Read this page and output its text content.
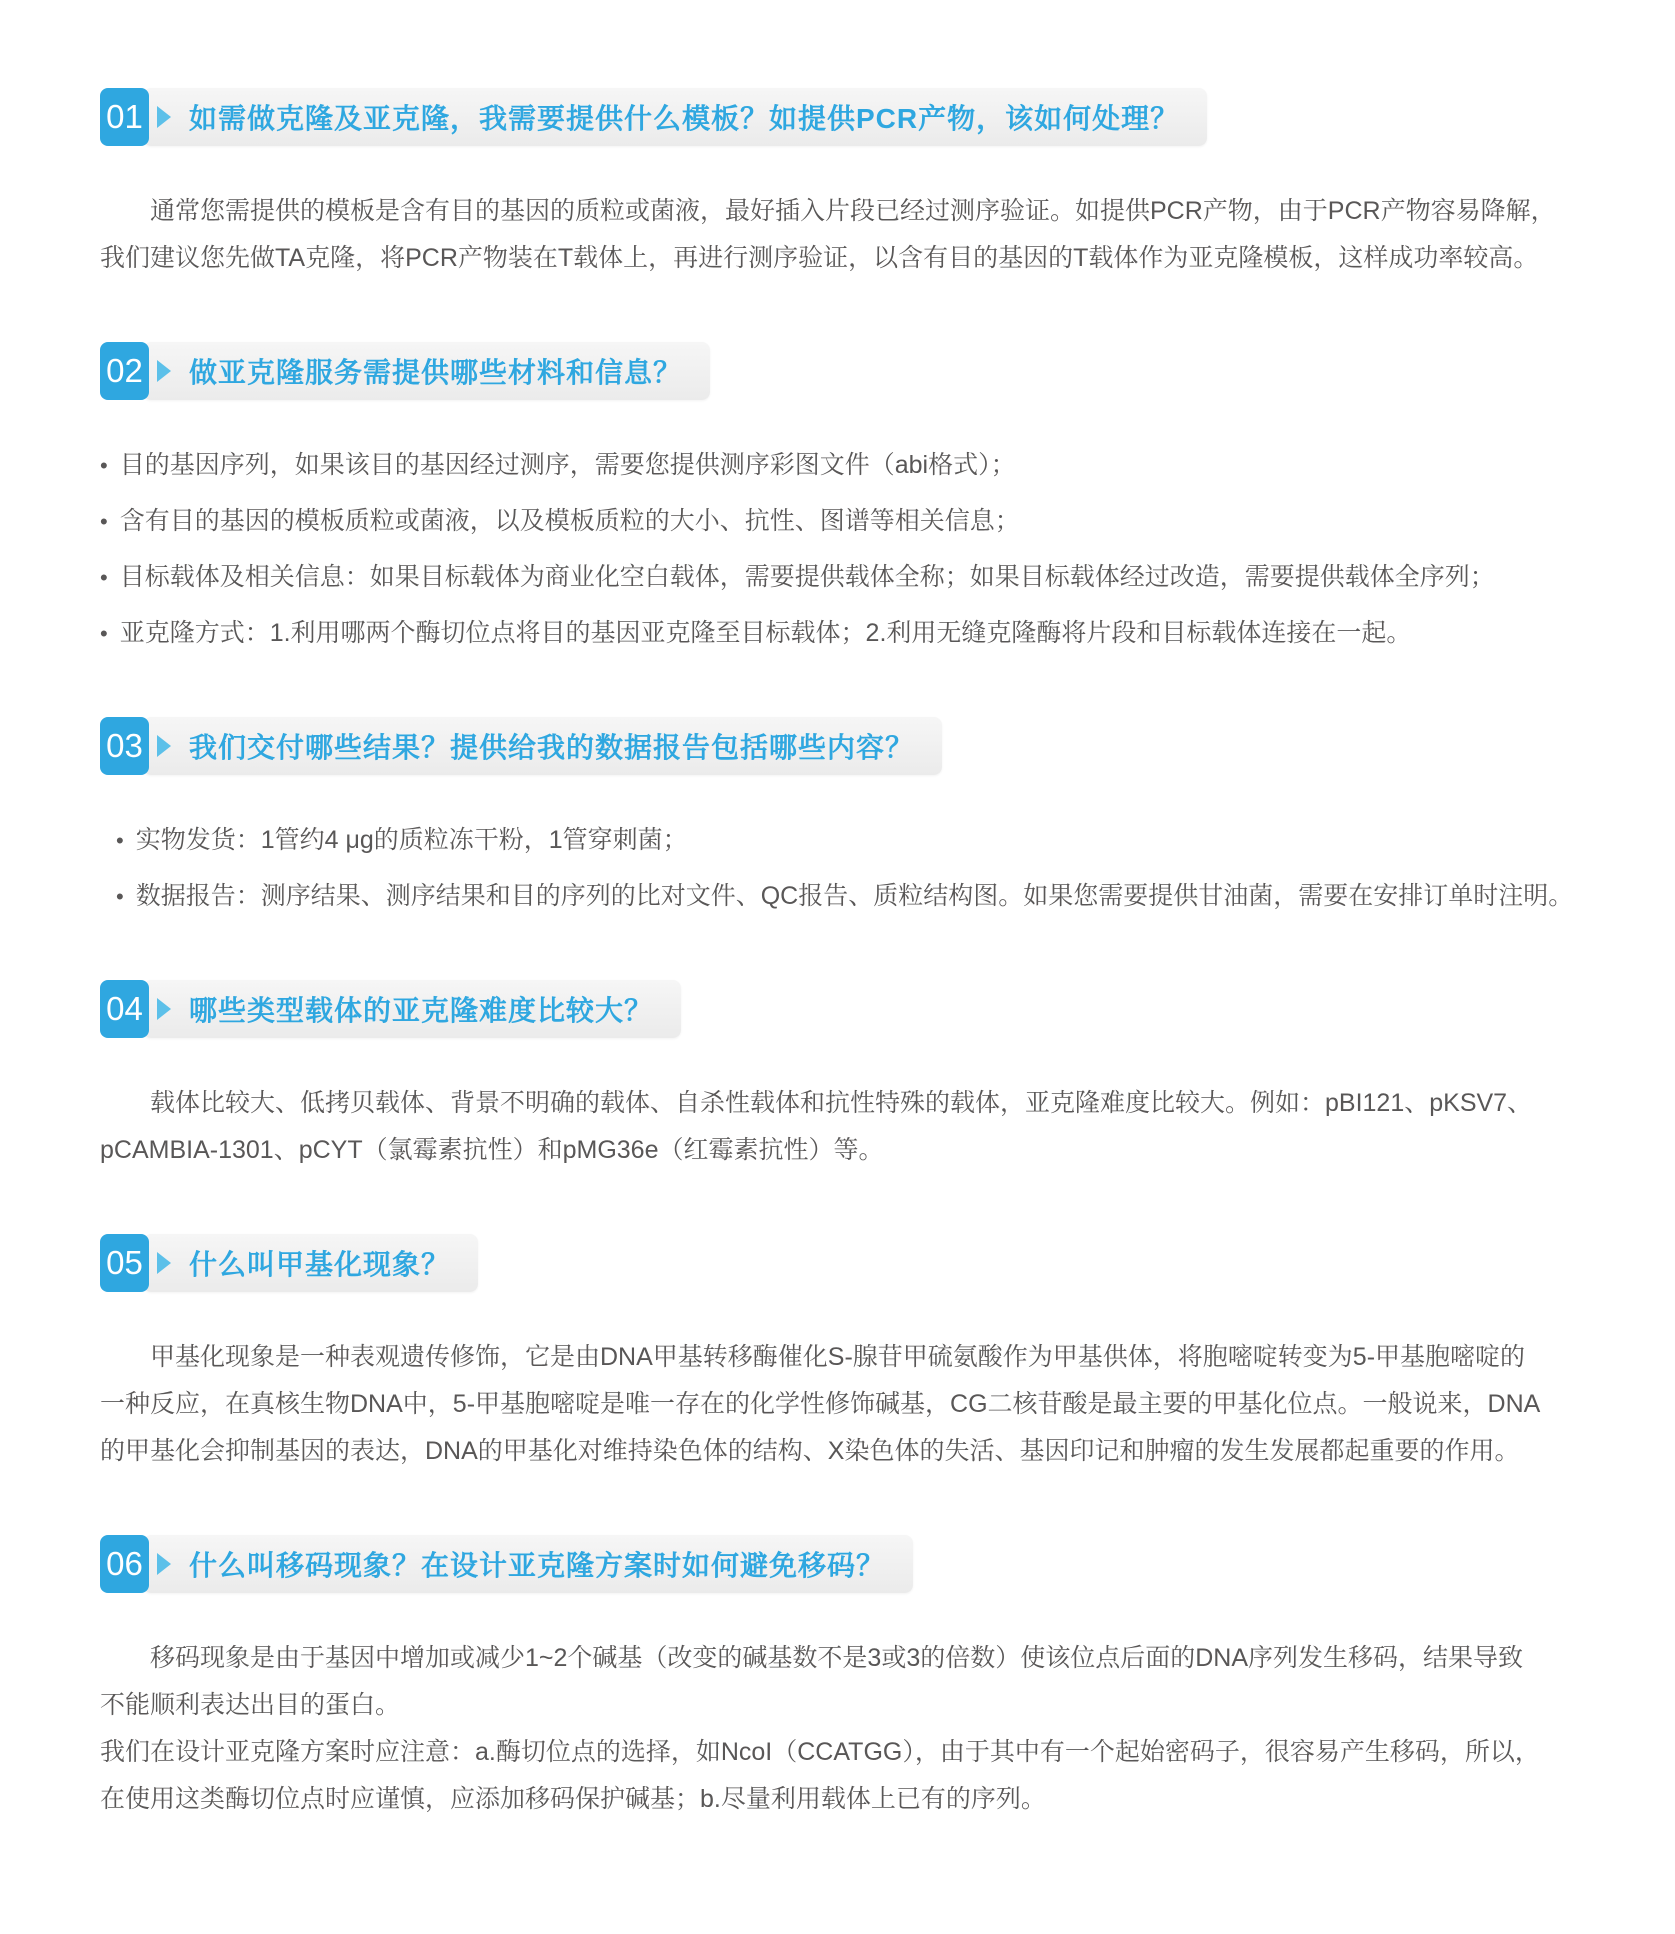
01 如需做克隆及亚克隆，我需要提供什么模板？如提供PCR产物，该如何处理？
通常您需提供的模板是含有目的基因的质粒或菌液，最好插入片段已经过测序验证。如提供PCR产物，由于PCR产物容易降解，
我们建议您先做TA克隆，将PCR产物装在T载体上，再进行测序验证，以含有目的基因的T载体作为亚克隆模板，这样成功率较高。
02 做亚克隆服务需提供哪些材料和信息？
• 目的基因序列，如果该目的基因经过测序，需要您提供测序彩图文件（abi格式）；
• 含有目的基因的模板质粒或菌液，以及模板质粒的大小、抗性、图谱等相关信息；
• 目标载体及相关信息：如果目标载体为商业化空白载体，需要提供载体全称；如果目标载体经过改造，需要提供载体全序列；
• 亚克隆方式：1.利用哪两个酶切位点将目的基因亚克隆至目标载体；2.利用无缝克隆酶将片段和目标载体连接在一起。
03 我们交付哪些结果？提供给我的数据报告包括哪些内容？
• 实物发货：1管约4 μg的质粒冻干粉，1管穿刺菌；
• 数据报告：测序结果、测序结果和目的序列的比对文件、QC报告、质粒结构图。如果您需要提供甘油菌，需要在安排订单时注明。
04 哪些类型载体的亚克隆难度比较大？
载体比较大、低拷贝载体、背景不明确的载体、自杀性载体和抗性特殊的载体，亚克隆难度比较大。例如：pBI121、pKSV7、
pCAMBIA-1301、pCYT（氯霉素抗性）和pMG36e（红霉素抗性）等。
05 什么叫甲基化现象？
甲基化现象是一种表观遗传修饰，它是由DNA甲基转移酶催化S-腺苷甲硫氨酸作为甲基供体，将胞嘧啶转变为5-甲基胞嘧啶的
一种反应，在真核生物DNA中，5-甲基胞嘧啶是唯一存在的化学性修饰碱基，CG二核苷酸是最主要的甲基化位点。一般说来，DNA
的甲基化会抑制基因的表达，DNA的甲基化对维持染色体的结构、X染色体的失活、基因印记和肿瘤的发生发展都起重要的作用。
06 什么叫移码现象？在设计亚克隆方案时如何避免移码？
移码现象是由于基因中增加或减少1~2个碱基（改变的碱基数不是3或3的倍数）使该位点后面的DNA序列发生移码，结果导致
不能顺利表达出目的蛋白。
我们在设计亚克隆方案时应注意：a.酶切位点的选择，如NcoI（CCATGG），由于其中有一个起始密码子，很容易产生移码，所以，
在使用这类酶切位点时应谨慎，应添加移码保护碱基；b.尽量利用载体上已有的序列。
